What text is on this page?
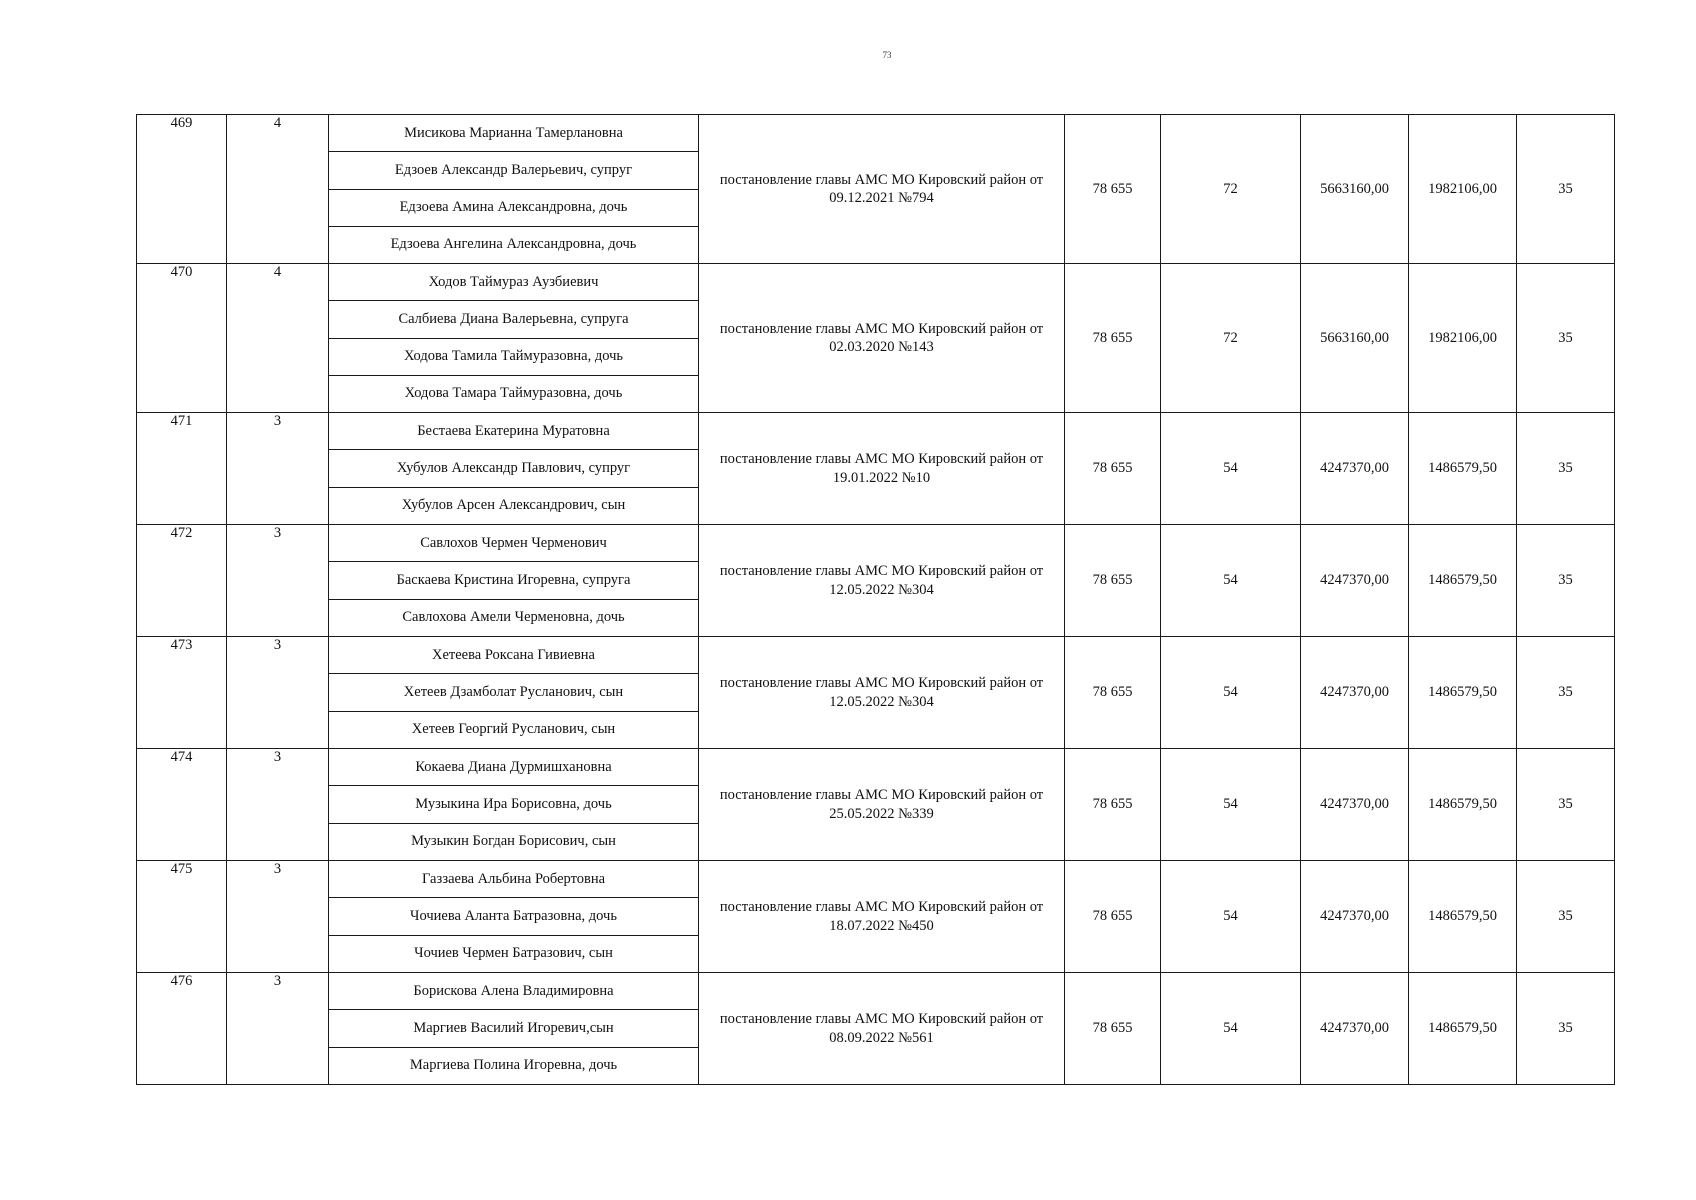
73
469	4	Мисикова Марианна Тамерлановна
Едзоев Александр Валерьевич, супруг
Едзоева Амина Александровна, дочь
Едзоева Ангелина Александровна, дочь	постановление главы АМС МО Кировский район от 09.12.2021 №794	78 655	72	5663160,00	1982106,00	35
470	4	Ходов Таймураз Аузбиевич
Салбиева Диана Валерьевна, супруга
Ходова Тамила Таймуразовна, дочь
Ходова Тамара Таймуразовна, дочь	постановление главы АМС МО Кировский район от 02.03.2020 №143	78 655	72	5663160,00	1982106,00	35
471	3	Бестаева Екатерина Муратовна
Хубулов Александр Павлович, супруг
Хубулов Арсен Александрович, сын	постановление главы АМС МО Кировский район от 19.01.2022 №10	78 655	54	4247370,00	1486579,50	35
472	3	Савлохов Чермен Черменович
Баскаева Кристина Игоревна, супруга
Савлохова Амели Черменовна, дочь	постановление главы АМС МО Кировский район от 12.05.2022 №304	78 655	54	4247370,00	1486579,50	35
473	3	Хетеева Роксана Гивиевна
Хетеев Дзамболат Русланович, сын
Хетеев Георгий Русланович, сын	постановление главы АМС МО Кировский район от 12.05.2022 №304	78 655	54	4247370,00	1486579,50	35
474	3	Кокаева Диана Дурмишхановна
Музыкина Ира Борисовна, дочь
Музыкин Богдан Борисович, сын	постановление главы АМС МО Кировский район от 25.05.2022 №339	78 655	54	4247370,00	1486579,50	35
475	3	Газзаева Альбина Робертовна
Чочиева Аланта Батразовна, дочь
Чочиев Чермен Батразович, сын	постановление главы АМС МО Кировский район от 18.07.2022 №450	78 655	54	4247370,00	1486579,50	35
476	3	Борискова Алена Владимировна
Маргиев Василий Игоревич,сын
Маргиева Полина Игоревна, дочь	постановление главы АМС МО Кировский район от 08.09.2022 №561	78 655	54	4247370,00	1486579,50	35
